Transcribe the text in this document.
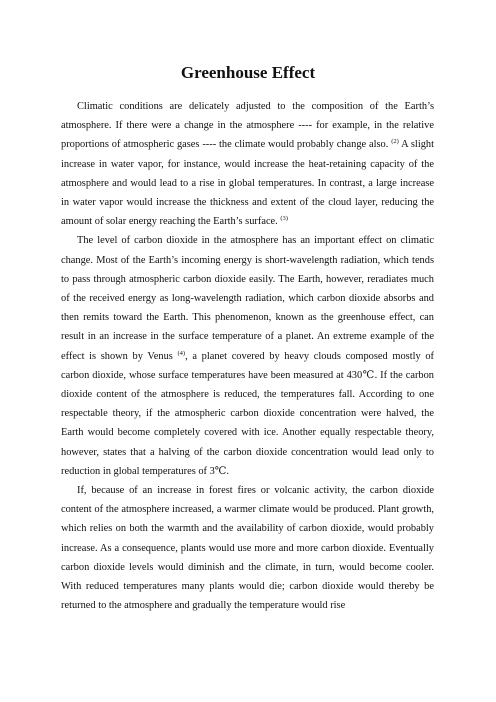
Greenhouse Effect

Climatic conditions are delicately adjusted to the composition of the Earth’s atmosphere. If there were a change in the atmosphere ---- for example, in the relative proportions of atmospheric gases ---- the climate would probably change also. $^{(2)}$ A slight increase in water vapor, for instance, would increase the heat-retaining capacity of the atmosphere and would lead to a rise in global temperatures. In contrast, a large increase in water vapor would increase the thickness and extent of the cloud layer, reducing the amount of solar energy reaching the Earth’s surface. $^{(3)}$

The level of carbon dioxide in the atmosphere has an important effect on climatic change. Most of the Earth’s incoming energy is short-wavelength radiation, which tends to pass through atmospheric carbon dioxide easily. The Earth, however, reradiates much of the received energy as long-wavelength radiation, which carbon dioxide absorbs and then remits toward the Earth. This phenomenon, known as the greenhouse effect, can result in an increase in the surface temperature of a planet. An extreme example of the effect is shown by Venus $^{(4)}$, a planet covered by heavy clouds composed mostly of carbon dioxide, whose surface temperatures have been measured at 430℃. If the carbon dioxide content of the atmosphere is reduced, the temperatures fall. According to one respectable theory, if the atmospheric carbon dioxide concentration were halved, the Earth would become completely covered with ice. Another equally respectable theory, however, states that a halving of the carbon dioxide concentration would lead only to reduction in global temperatures of 3℃.

If, because of an increase in forest fires or volcanic activity, the carbon dioxide content of the atmosphere increased, a warmer climate would be produced. Plant growth, which relies on both the warmth and the availability of carbon dioxide, would probably increase. As a consequence, plants would use more and more carbon dioxide. Eventually carbon dioxide levels would diminish and the climate, in turn, would become cooler. With reduced temperatures many plants would die; carbon dioxide would thereby be returned to the atmosphere and gradually the temperature would rise
